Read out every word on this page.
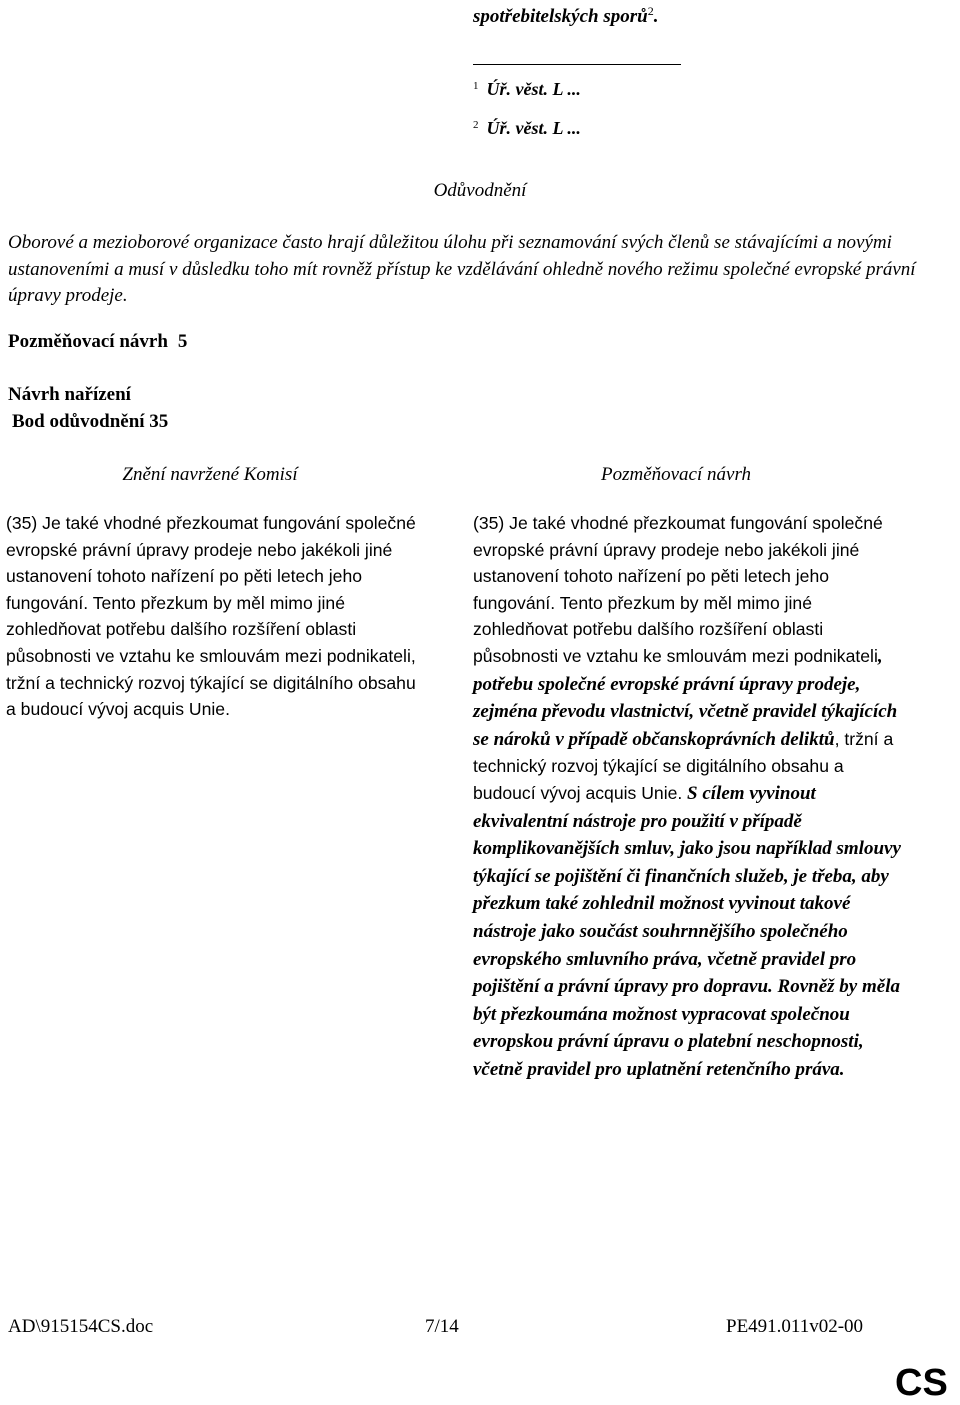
spotřebitelských sporů$^2$.
$^1$ Úř. věst. L ...
$^2$ Úř. věst. L ...
Odůvodnění
Oborové a mezioborové organizace často hrají důležitou úlohu při seznamování svých členů se stávajícími a novými ustanoveními a musí v důsledku toho mít rovněž přístup ke vzdělávání ohledně nového režimu společné evropské právní úpravy prodeje.
Pozměňovací návrh 5
Návrh nařízení
Bod odůvodnění 35
Znění navržené Komisí	Pozměňovací návrh
(35) Je také vhodné přezkoumat fungování společné evropské právní úpravy prodeje nebo jakékoli jiné ustanovení tohoto nařízení po pěti letech jeho fungování. Tento přezkum by měl mimo jiné zohledňovat potřebu dalšího rozšíření oblasti působnosti ve vztahu ke smlouvám mezi podnikateli, tržní a technický rozvoj týkající se digitálního obsahu a budoucí vývoj acquis Unie.
(35) Je také vhodné přezkoumat fungování společné evropské právní úpravy prodeje nebo jakékoli jiné ustanovení tohoto nařízení po pěti letech jeho fungování. Tento přezkum by měl mimo jiné zohledňovat potřebu dalšího rozšíření oblasti působnosti ve vztahu ke smlouvám mezi podnikateli, potřebu společné evropské právní úpravy prodeje, zejména převodu vlastnictví, včetně pravidel týkajících se nároků v případě občanskoprávních deliktů, tržní a technický rozvoj týkající se digitálního obsahu a budoucí vývoj acquis Unie. S cílem vyvinout ekvivalentní nástroje pro použití v případě komplikovanějších smluv, jako jsou například smlouvy týkající se pojištění či finančních služeb, je třeba, aby přezkum také zohlednil možnost vyvinout takové nástroje jako součást souhrnnějšího společného evropského smluvního práva, včetně pravidel pro pojištění a právní úpravy pro dopravu. Rovněž by měla být přezkoumána možnost vypracovat společnou evropskou právní úpravu o platební neschopnosti, včetně pravidel pro uplatnění retenčního práva.
AD\915154CS.doc	7/14	PE491.011v02-00
CS
